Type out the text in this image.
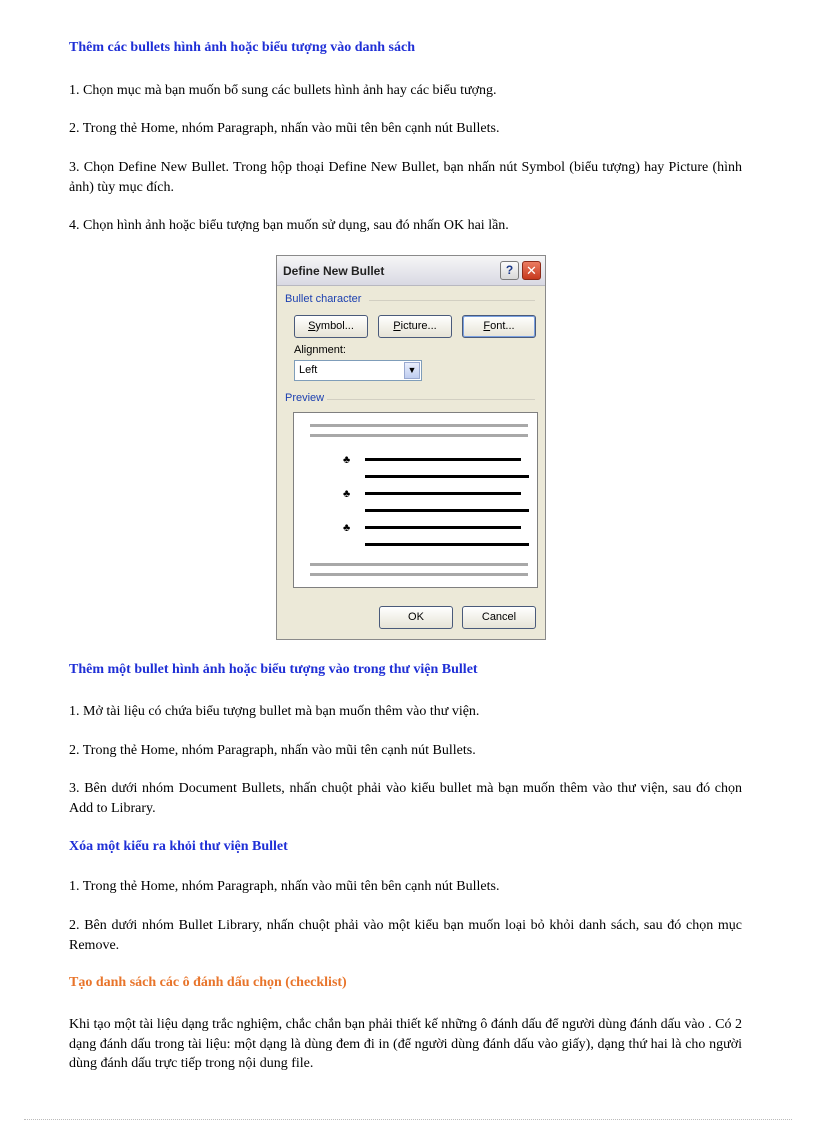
Thêm các bullets hình ảnh hoặc biểu tượng vào danh sách

1. Chọn mục mà bạn muốn bổ sung các bullets hình ảnh hay các biểu tượng.

2. Trong thẻ Home, nhóm Paragraph, nhấn vào mũi tên bên cạnh nút Bullets.

3. Chọn Define New Bullet. Trong hộp thoại Define New Bullet, bạn nhấn nút Symbol (biểu tượng) hay Picture (hình ảnh) tùy mục đích.

4. Chọn hình ảnh hoặc biểu tượng bạn muốn sử dụng, sau đó nhấn OK hai lần.

Define New Bullet	? ✕
Bullet character
Symbol...	Picture...	Font...
Alignment:
Left	▼
Preview
♣
♣
♣
OK	Cancel
Thêm một bullet hình ảnh hoặc biểu tượng vào trong thư viện Bullet

1. Mở tài liệu có chứa biểu tượng bullet mà bạn muốn thêm vào thư viện.

2. Trong thẻ Home, nhóm Paragraph, nhấn vào mũi tên cạnh nút Bullets.

3. Bên dưới nhóm Document Bullets, nhấn chuột phải vào kiểu bullet mà bạn muốn thêm vào thư viện, sau đó chọn Add to Library.

Xóa một kiểu ra khỏi thư viện Bullet

1. Trong thẻ Home, nhóm Paragraph, nhấn vào mũi tên bên cạnh nút Bullets.

2. Bên dưới nhóm Bullet Library, nhấn chuột phải vào một kiểu bạn muốn loại bỏ khỏi danh sách, sau đó chọn mục Remove.

Tạo danh sách các ô đánh dấu chọn (checklist)

Khi tạo một tài liệu dạng trắc nghiệm, chắc chắn bạn phải thiết kế những ô đánh dấu để người dùng đánh dấu vào . Có 2 dạng đánh dấu trong tài liệu: một dạng là dùng đem đi in (để người dùng đánh dấu vào giấy), dạng thứ hai là cho người dùng đánh dấu trực tiếp trong nội dung file.
